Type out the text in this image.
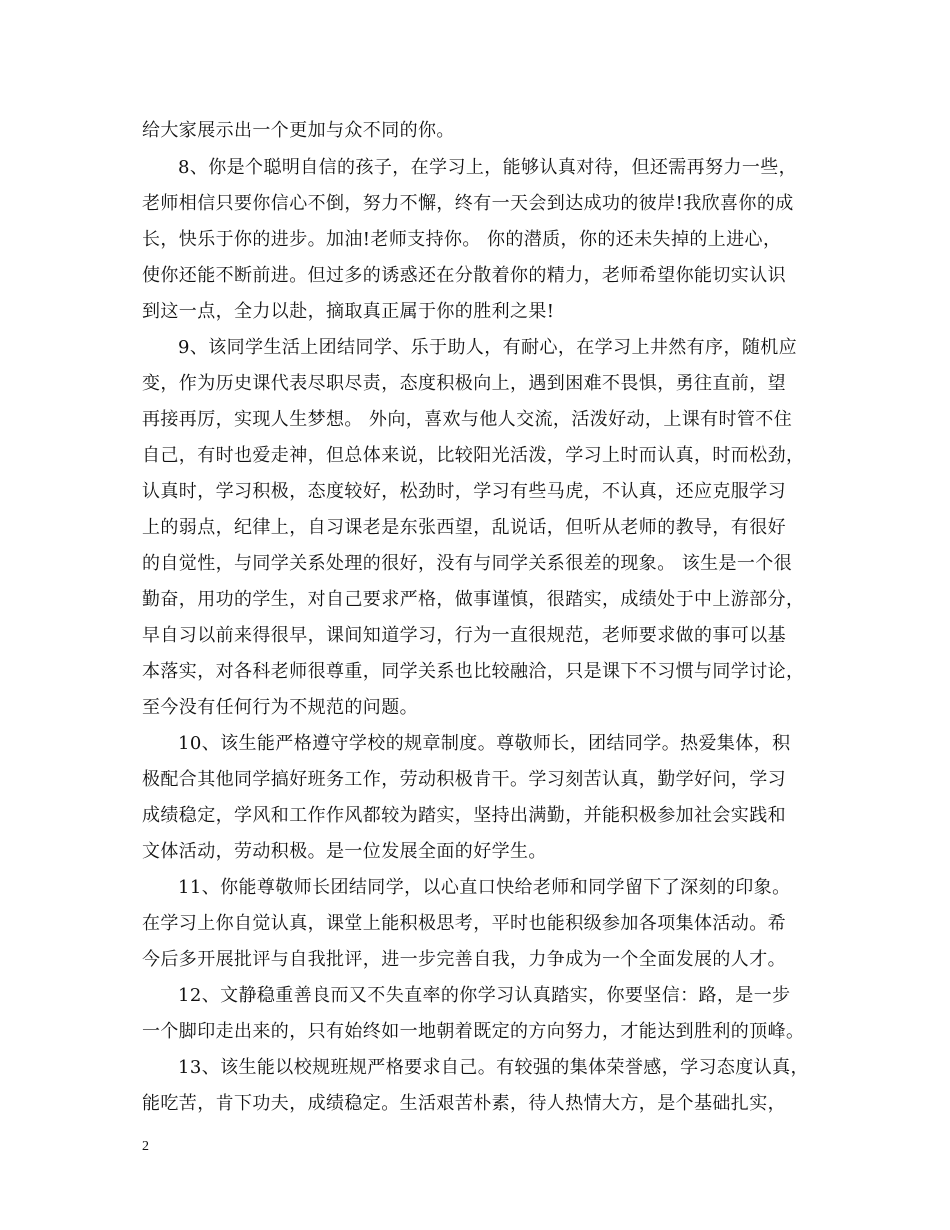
给大家展示出一个更加与众不同的你。
8、你是个聪明自信的孩子，在学习上，能够认真对待，但还需再努力一些，
老师相信只要你信心不倒，努力不懈，终有一天会到达成功的彼岸!我欣喜你的成
长，快乐于你的进步。加油!老师支持你。 你的潜质，你的还未失掉的上进心，
使你还能不断前进。但过多的诱惑还在分散着你的精力，老师希望你能切实认识
到这一点，全力以赴，摘取真正属于你的胜利之果!
9、该同学生活上团结同学、乐于助人，有耐心，在学习上井然有序，随机应
变，作为历史课代表尽职尽责，态度积极向上，遇到困难不畏惧，勇往直前，望
再接再厉，实现人生梦想。 外向，喜欢与他人交流，活泼好动，上课有时管不住
自己，有时也爱走神，但总体来说，比较阳光活泼，学习上时而认真，时而松劲，
认真时，学习积极，态度较好，松劲时，学习有些马虎，不认真，还应克服学习
上的弱点，纪律上，自习课老是东张西望，乱说话，但听从老师的教导，有很好
的自觉性，与同学关系处理的很好，没有与同学关系很差的现象。 该生是一个很
勤奋，用功的学生，对自己要求严格，做事谨慎，很踏实，成绩处于中上游部分，
早自习以前来得很早，课间知道学习，行为一直很规范，老师要求做的事可以基
本落实，对各科老师很尊重，同学关系也比较融洽，只是课下不习惯与同学讨论，
至今没有任何行为不规范的问题。
10、该生能严格遵守学校的规章制度。尊敬师长，团结同学。热爱集体，积
极配合其他同学搞好班务工作，劳动积极肯干。学习刻苦认真，勤学好问，学习
成绩稳定，学风和工作作风都较为踏实，坚持出满勤，并能积极参加社会实践和
文体活动，劳动积极。是一位发展全面的好学生。
11、你能尊敬师长团结同学，以心直口快给老师和同学留下了深刻的印象。
在学习上你自觉认真，课堂上能积极思考，平时也能积级参加各项集体活动。希
今后多开展批评与自我批评，进一步完善自我，力争成为一个全面发展的人才。
12、文静稳重善良而又不失直率的你学习认真踏实，你要坚信：路，是一步
一个脚印走出来的，只有始终如一地朝着既定的方向努力，才能达到胜利的顶峰。
13、该生能以校规班规严格要求自己。有较强的集体荣誉感，学习态度认真，
能吃苦，肯下功夫，成绩稳定。生活艰苦朴素，待人热情大方，是个基础扎实，
2
